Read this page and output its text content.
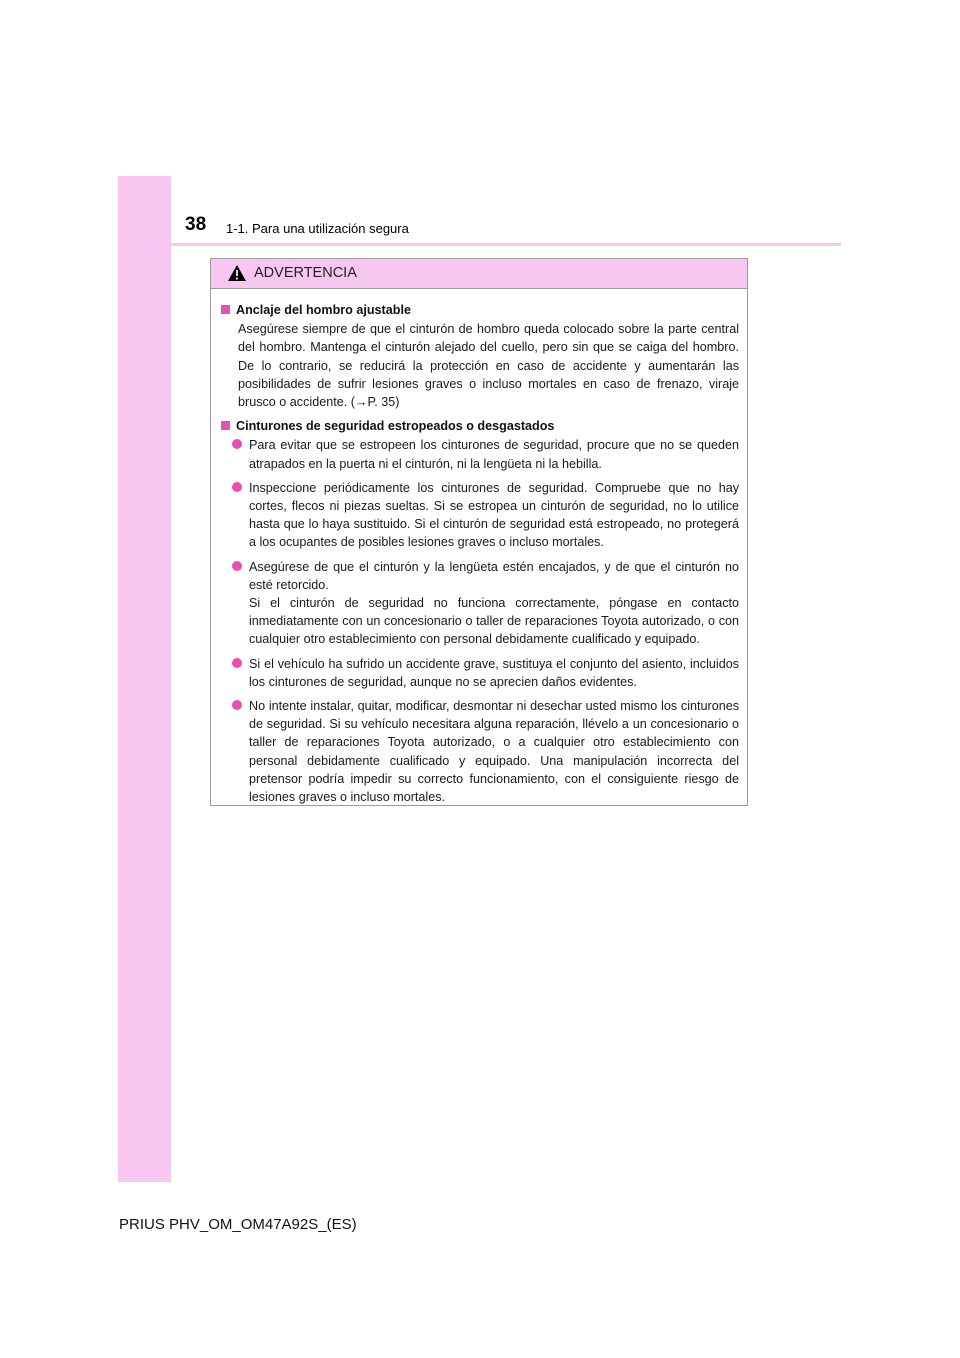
38 1-1. Para una utilización segura
ADVERTENCIA
Anclaje del hombro ajustable
Asegúrese siempre de que el cinturón de hombro queda colocado sobre la parte central del hombro. Mantenga el cinturón alejado del cuello, pero sin que se caiga del hombro. De lo contrario, se reducirá la protección en caso de accidente y aumentarán las posibilidades de sufrir lesiones graves o incluso mortales en caso de frenazo, viraje brusco o accidente. (→P. 35)
Cinturones de seguridad estropeados o desgastados
Para evitar que se estropeen los cinturones de seguridad, procure que no se queden atrapados en la puerta ni el cinturón, ni la lengüeta ni la hebilla.
Inspeccione periódicamente los cinturones de seguridad. Compruebe que no hay cortes, flecos ni piezas sueltas. Si se estropea un cinturón de seguridad, no lo utilice hasta que lo haya sustituido. Si el cinturón de seguridad está estropeado, no protegerá a los ocupantes de posibles lesiones graves o incluso mortales.
Asegúrese de que el cinturón y la lengüeta estén encajados, y de que el cinturón no esté retorcido.
Si el cinturón de seguridad no funciona correctamente, póngase en contacto inmediatamente con un concesionario o taller de reparaciones Toyota autorizado, o con cualquier otro establecimiento con personal debidamente cualificado y equipado.
Si el vehículo ha sufrido un accidente grave, sustituya el conjunto del asiento, incluidos los cinturones de seguridad, aunque no se aprecien daños evidentes.
No intente instalar, quitar, modificar, desmontar ni desechar usted mismo los cinturones de seguridad. Si su vehículo necesitara alguna reparación, llévelo a un concesionario o taller de reparaciones Toyota autorizado, o a cualquier otro establecimiento con personal debidamente cualificado y equipado. Una manipulación incorrecta del pretensor podría impedir su correcto funcionamiento, con el consiguiente riesgo de lesiones graves o incluso mortales.
PRIUS PHV_OM_OM47A92S_(ES)
